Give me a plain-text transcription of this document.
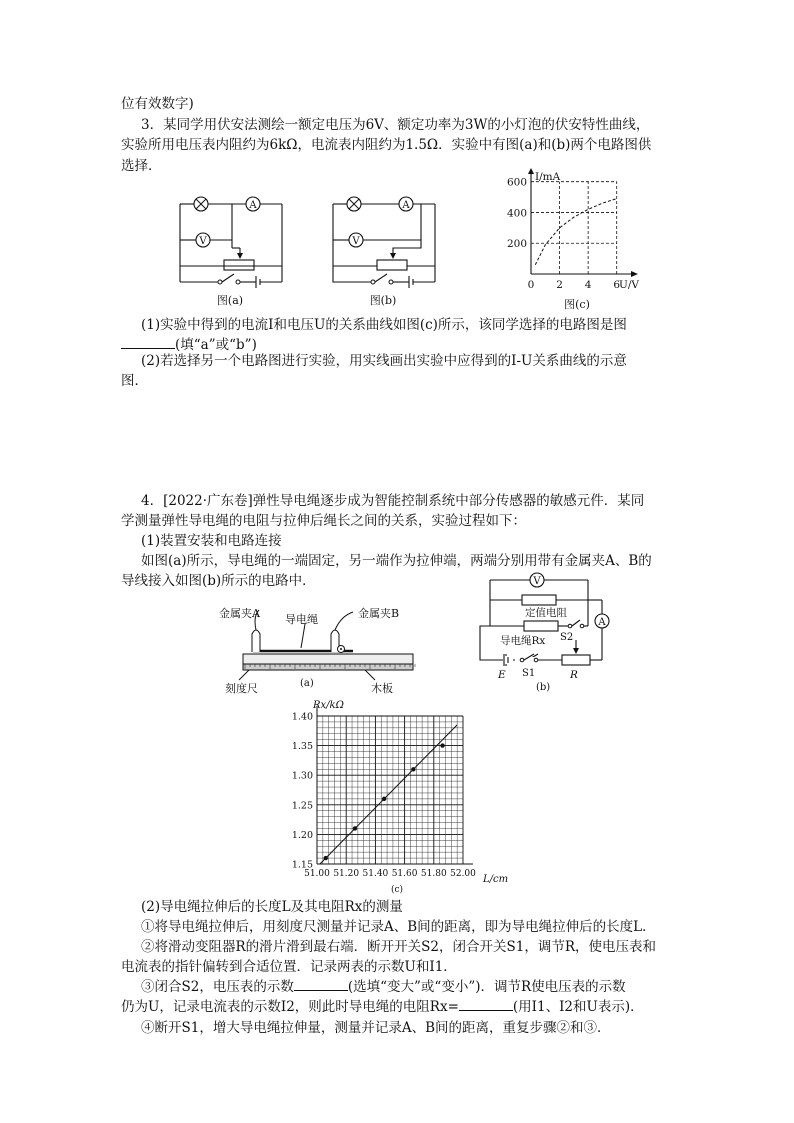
位有效数字)
3．某同学用伏安法测绘一额定电压为6V、额定功率为3W的小灯泡的伏安特性曲线，
实验所用电压表内阻约为6kΩ，电流表内阻约为1.5Ω．实验中有图(a)和(b)两个电路图供
选择．
A
V
图(a)
A
V
图(b)
200
400
600
0 2 4 6
I/mA
U/V
图(c)
(1)实验中得到的电流I和电压U的关系曲线如图(c)所示，该同学选择的电路图是图
(填“a”或“b”)
(2)若选择另一个电路图进行实验，用实线画出实验中应得到的I-U关系曲线的示意
图．
4．[2022·广东卷]弹性导电绳逐步成为智能控制系统中部分传感器的敏感元件．某同
学测量弹性导电绳的电阻与拉伸后绳长之间的关系，实验过程如下：
(1)装置安装和电路连接
如图(a)所示，导电绳的一端固定，另一端作为拉伸端，两端分别用带有金属夹A、B的
导线接入如图(b)所示的电路中．
金属夹A 导电绳	金属夹B
刻度尺	木板
(a)
V
A
定值电阻
导电绳Rx S2
E S1	R
(b)
1.15
1.20
1.25
1.30
1.35
1.40
51.00 51.20 51.40 51.60 51.80 52.00
Rx/kΩ
L/cm
(c)
(2)导电绳拉伸后的长度L及其电阻Rx的测量
①将导电绳拉伸后，用刻度尺测量并记录A、B间的距离，即为导电绳拉伸后的长度L．
②将滑动变阻器R的滑片滑到最右端．断开开关S2，闭合开关S1，调节R，使电压表和
电流表的指针偏转到合适位置．记录两表的示数U和I1．
③闭合S2，电压表的示数	(选填“变大”或“变小”)．调节R使电压表的示数
仍为U，记录电流表的示数I2，则此时导电绳的电阻Rx=	(用I1、I2和U表示)．
④断开S1，增大导电绳拉伸量，测量并记录A、B间的距离，重复步骤②和③．
